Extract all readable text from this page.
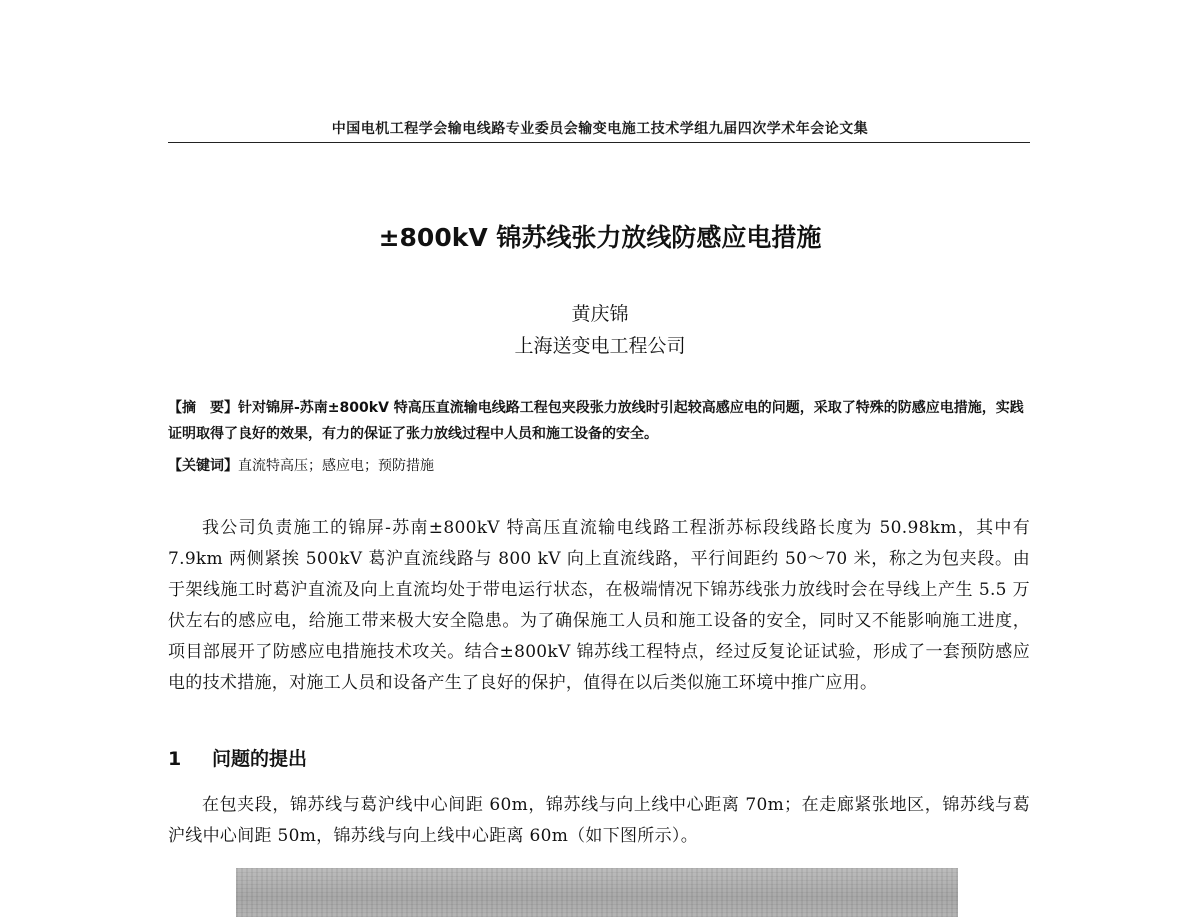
中国电机工程学会输电线路专业委员会输变电施工技术学组九届四次学术年会论文集
±800kV 锦苏线张力放线防感应电措施
黄庆锦
上海送变电工程公司
【摘　要】针对锦屏-苏南±800kV 特高压直流输电线路工程包夹段张力放线时引起较高感应电的问题，采取了特殊的防感应电措施，实践证明取得了良好的效果，有力的保证了张力放线过程中人员和施工设备的安全。
【关键词】直流特高压；感应电；预防措施
我公司负责施工的锦屏-苏南±800kV 特高压直流输电线路工程浙苏标段线路长度为 50.98km，其中有 7.9km 两侧紧挨 500kV 葛沪直流线路与 800 kV 向上直流线路，平行间距约 50～70 米，称之为包夹段。由于架线施工时葛沪直流及向上直流均处于带电运行状态，在极端情况下锦苏线张力放线时会在导线上产生 5.5 万伏左右的感应电，给施工带来极大安全隐患。为了确保施工人员和施工设备的安全，同时又不能影响施工进度，项目部展开了防感应电措施技术攻关。结合±800kV 锦苏线工程特点，经过反复论证试验，形成了一套预防感应电的技术措施，对施工人员和设备产生了良好的保护，值得在以后类似施工环境中推广应用。
1 问题的提出
在包夹段，锦苏线与葛沪线中心间距 60m，锦苏线与向上线中心距离 70m；在走廊紧张地区，锦苏线与葛沪线中心间距 50m，锦苏线与向上线中心距离 60m（如下图所示）。
